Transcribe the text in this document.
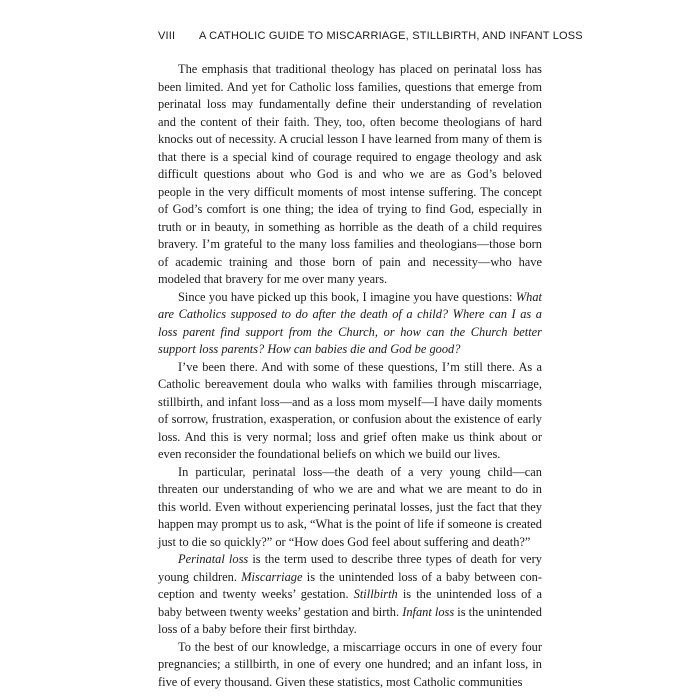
VIII	A CATHOLIC GUIDE TO MISCARRIAGE, STILLBIRTH, AND INFANT LOSS

The emphasis that traditional theology has placed on perinatal loss has been limited. And yet for Catholic loss families, questions that emerge from perinatal loss may fundamentally define their understanding of revelation and the content of their faith. They, too, often become theologians of hard knocks out of necessity. A crucial lesson I have learned from many of them is that there is a special kind of courage required to engage theology and ask difficult questions about who God is and who we are as God’s beloved people in the very difficult moments of most intense suffering. The concept of God’s comfort is one thing; the idea of trying to find God, especially in truth or in beauty, in something as horrible as the death of a child requires bravery. I’m grateful to the many loss families and theologians—those born of academic training and those born of pain and necessity—who have modeled that bravery for me over many years.

Since you have picked up this book, I imagine you have questions: What are Catholics supposed to do after the death of a child? Where can I as a loss parent find support from the Church, or how can the Church better support loss parents? How can babies die and God be good?

I’ve been there. And with some of these questions, I’m still there. As a Catholic bereavement doula who walks with families through miscarriage, stillbirth, and infant loss—and as a loss mom myself—I have daily moments of sorrow, frustration, exasperation, or confusion about the existence of early loss. And this is very normal; loss and grief often make us think about or even reconsider the foundational beliefs on which we build our lives.

In particular, perinatal loss—the death of a very young child—can threaten our understanding of who we are and what we are meant to do in this world. Even without experiencing perinatal losses, just the fact that they happen may prompt us to ask, “What is the point of life if someone is created just to die so quickly?” or “How does God feel about suffering and death?”

Perinatal loss is the term used to describe three types of death for very young children. Miscarriage is the unintended loss of a baby between conception and twenty weeks’ gestation. Stillbirth is the unintended loss of a baby between twenty weeks’ gestation and birth. Infant loss is the unintended loss of a baby before their first birthday.

To the best of our knowledge, a miscarriage occurs in one of every four pregnancies; a stillbirth, in one of every one hundred; and an infant loss, in five of every thousand. Given these statistics, most Catholic communities
